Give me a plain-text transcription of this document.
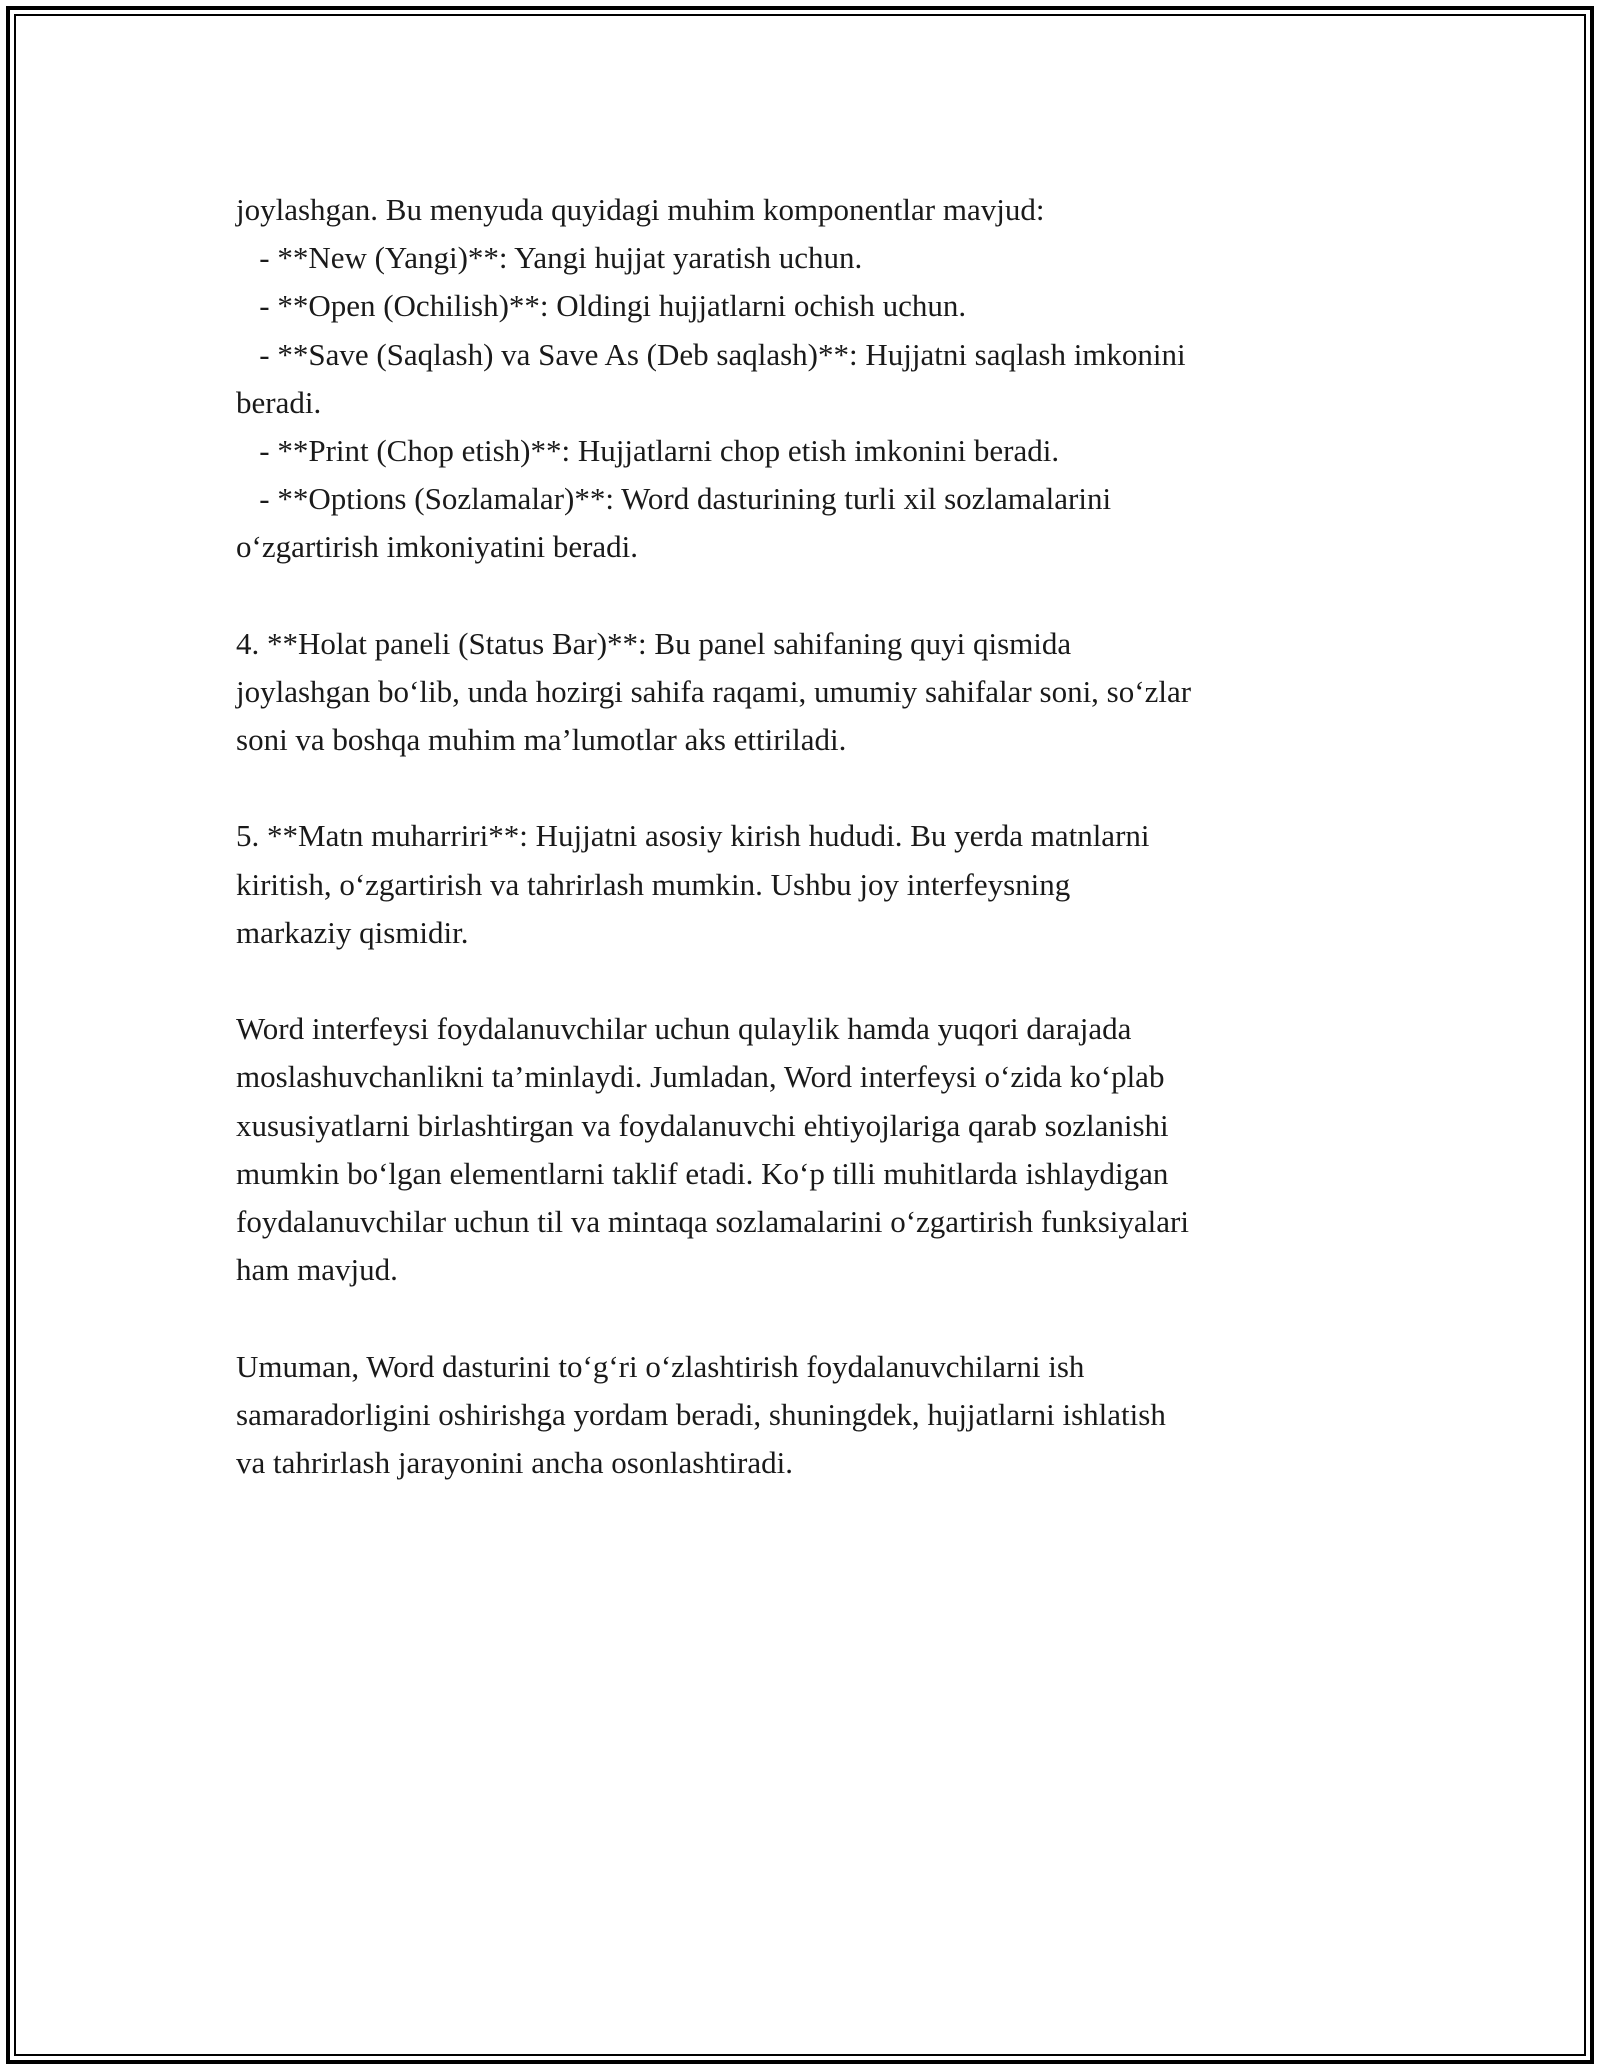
joylashgan. Bu menyuda quyidagi muhim komponentlar mavjud:

- **New (Yangi)**: Yangi hujjat yaratish uchun.

- **Open (Ochilish)**: Oldingi hujjatlarni ochish uchun.

- **Save (Saqlash) va Save As (Deb saqlash)**: Hujjatni saqlash imkonini

beradi.

- **Print (Chop etish)**: Hujjatlarni chop etish imkonini beradi.

- **Options (Sozlamalar)**: Word dasturining turli xil sozlamalarini

o‘zgartirish imkoniyatini beradi.

4. **Holat paneli (Status Bar)**: Bu panel sahifaning quyi qismida

joylashgan bo‘lib, unda hozirgi sahifa raqami, umumiy sahifalar soni, so‘zlar

soni va boshqa muhim ma’lumotlar aks ettiriladi.

5. **Matn muharriri**: Hujjatni asosiy kirish hududi. Bu yerda matnlarni

kiritish, o‘zgartirish va tahrirlash mumkin. Ushbu joy interfeysning

markaziy qismidir.

Word interfeysi foydalanuvchilar uchun qulaylik hamda yuqori darajada

moslashuvchanlikni ta’minlaydi. Jumladan, Word interfeysi o‘zida ko‘plab

xususiyatlarni birlashtirgan va foydalanuvchi ehtiyojlariga qarab sozlanishi

mumkin bo‘lgan elementlarni taklif etadi. Ko‘p tilli muhitlarda ishlaydigan

foydalanuvchilar uchun til va mintaqa sozlamalarini o‘zgartirish funksiyalari

ham mavjud.

Umuman, Word dasturini to‘g‘ri o‘zlashtirish foydalanuvchilarni ish

samaradorligini oshirishga yordam beradi, shuningdek, hujjatlarni ishlatish

va tahrirlash jarayonini ancha osonlashtiradi.
